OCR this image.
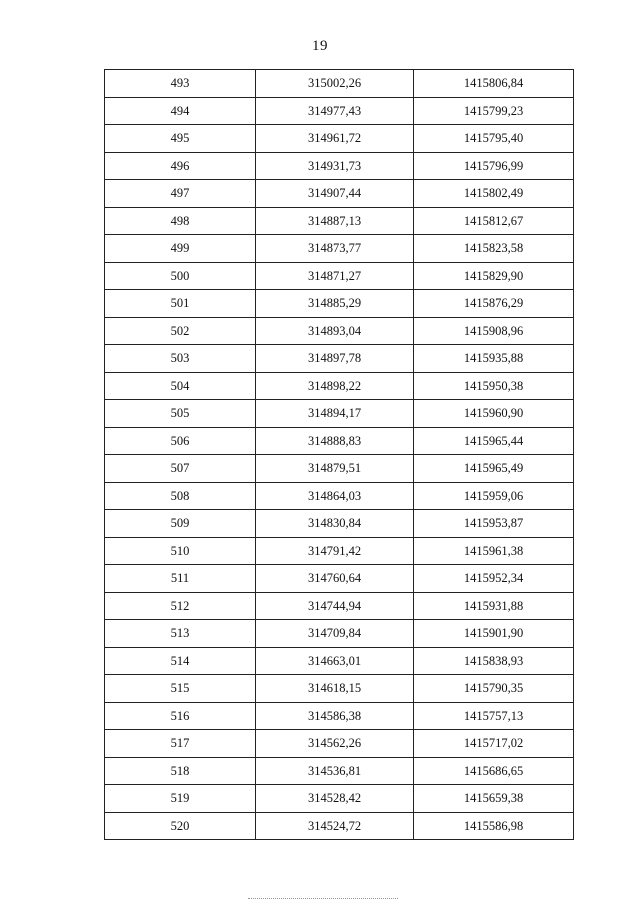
19
493	315002,26	1415806,84
494	314977,43	1415799,23
495	314961,72	1415795,40
496	314931,73	1415796,99
497	314907,44	1415802,49
498	314887,13	1415812,67
499	314873,77	1415823,58
500	314871,27	1415829,90
501	314885,29	1415876,29
502	314893,04	1415908,96
503	314897,78	1415935,88
504	314898,22	1415950,38
505	314894,17	1415960,90
506	314888,83	1415965,44
507	314879,51	1415965,49
508	314864,03	1415959,06
509	314830,84	1415953,87
510	314791,42	1415961,38
511	314760,64	1415952,34
512	314744,94	1415931,88
513	314709,84	1415901,90
514	314663,01	1415838,93
515	314618,15	1415790,35
516	314586,38	1415757,13
517	314562,26	1415717,02
518	314536,81	1415686,65
519	314528,42	1415659,38
520	314524,72	1415586,98
